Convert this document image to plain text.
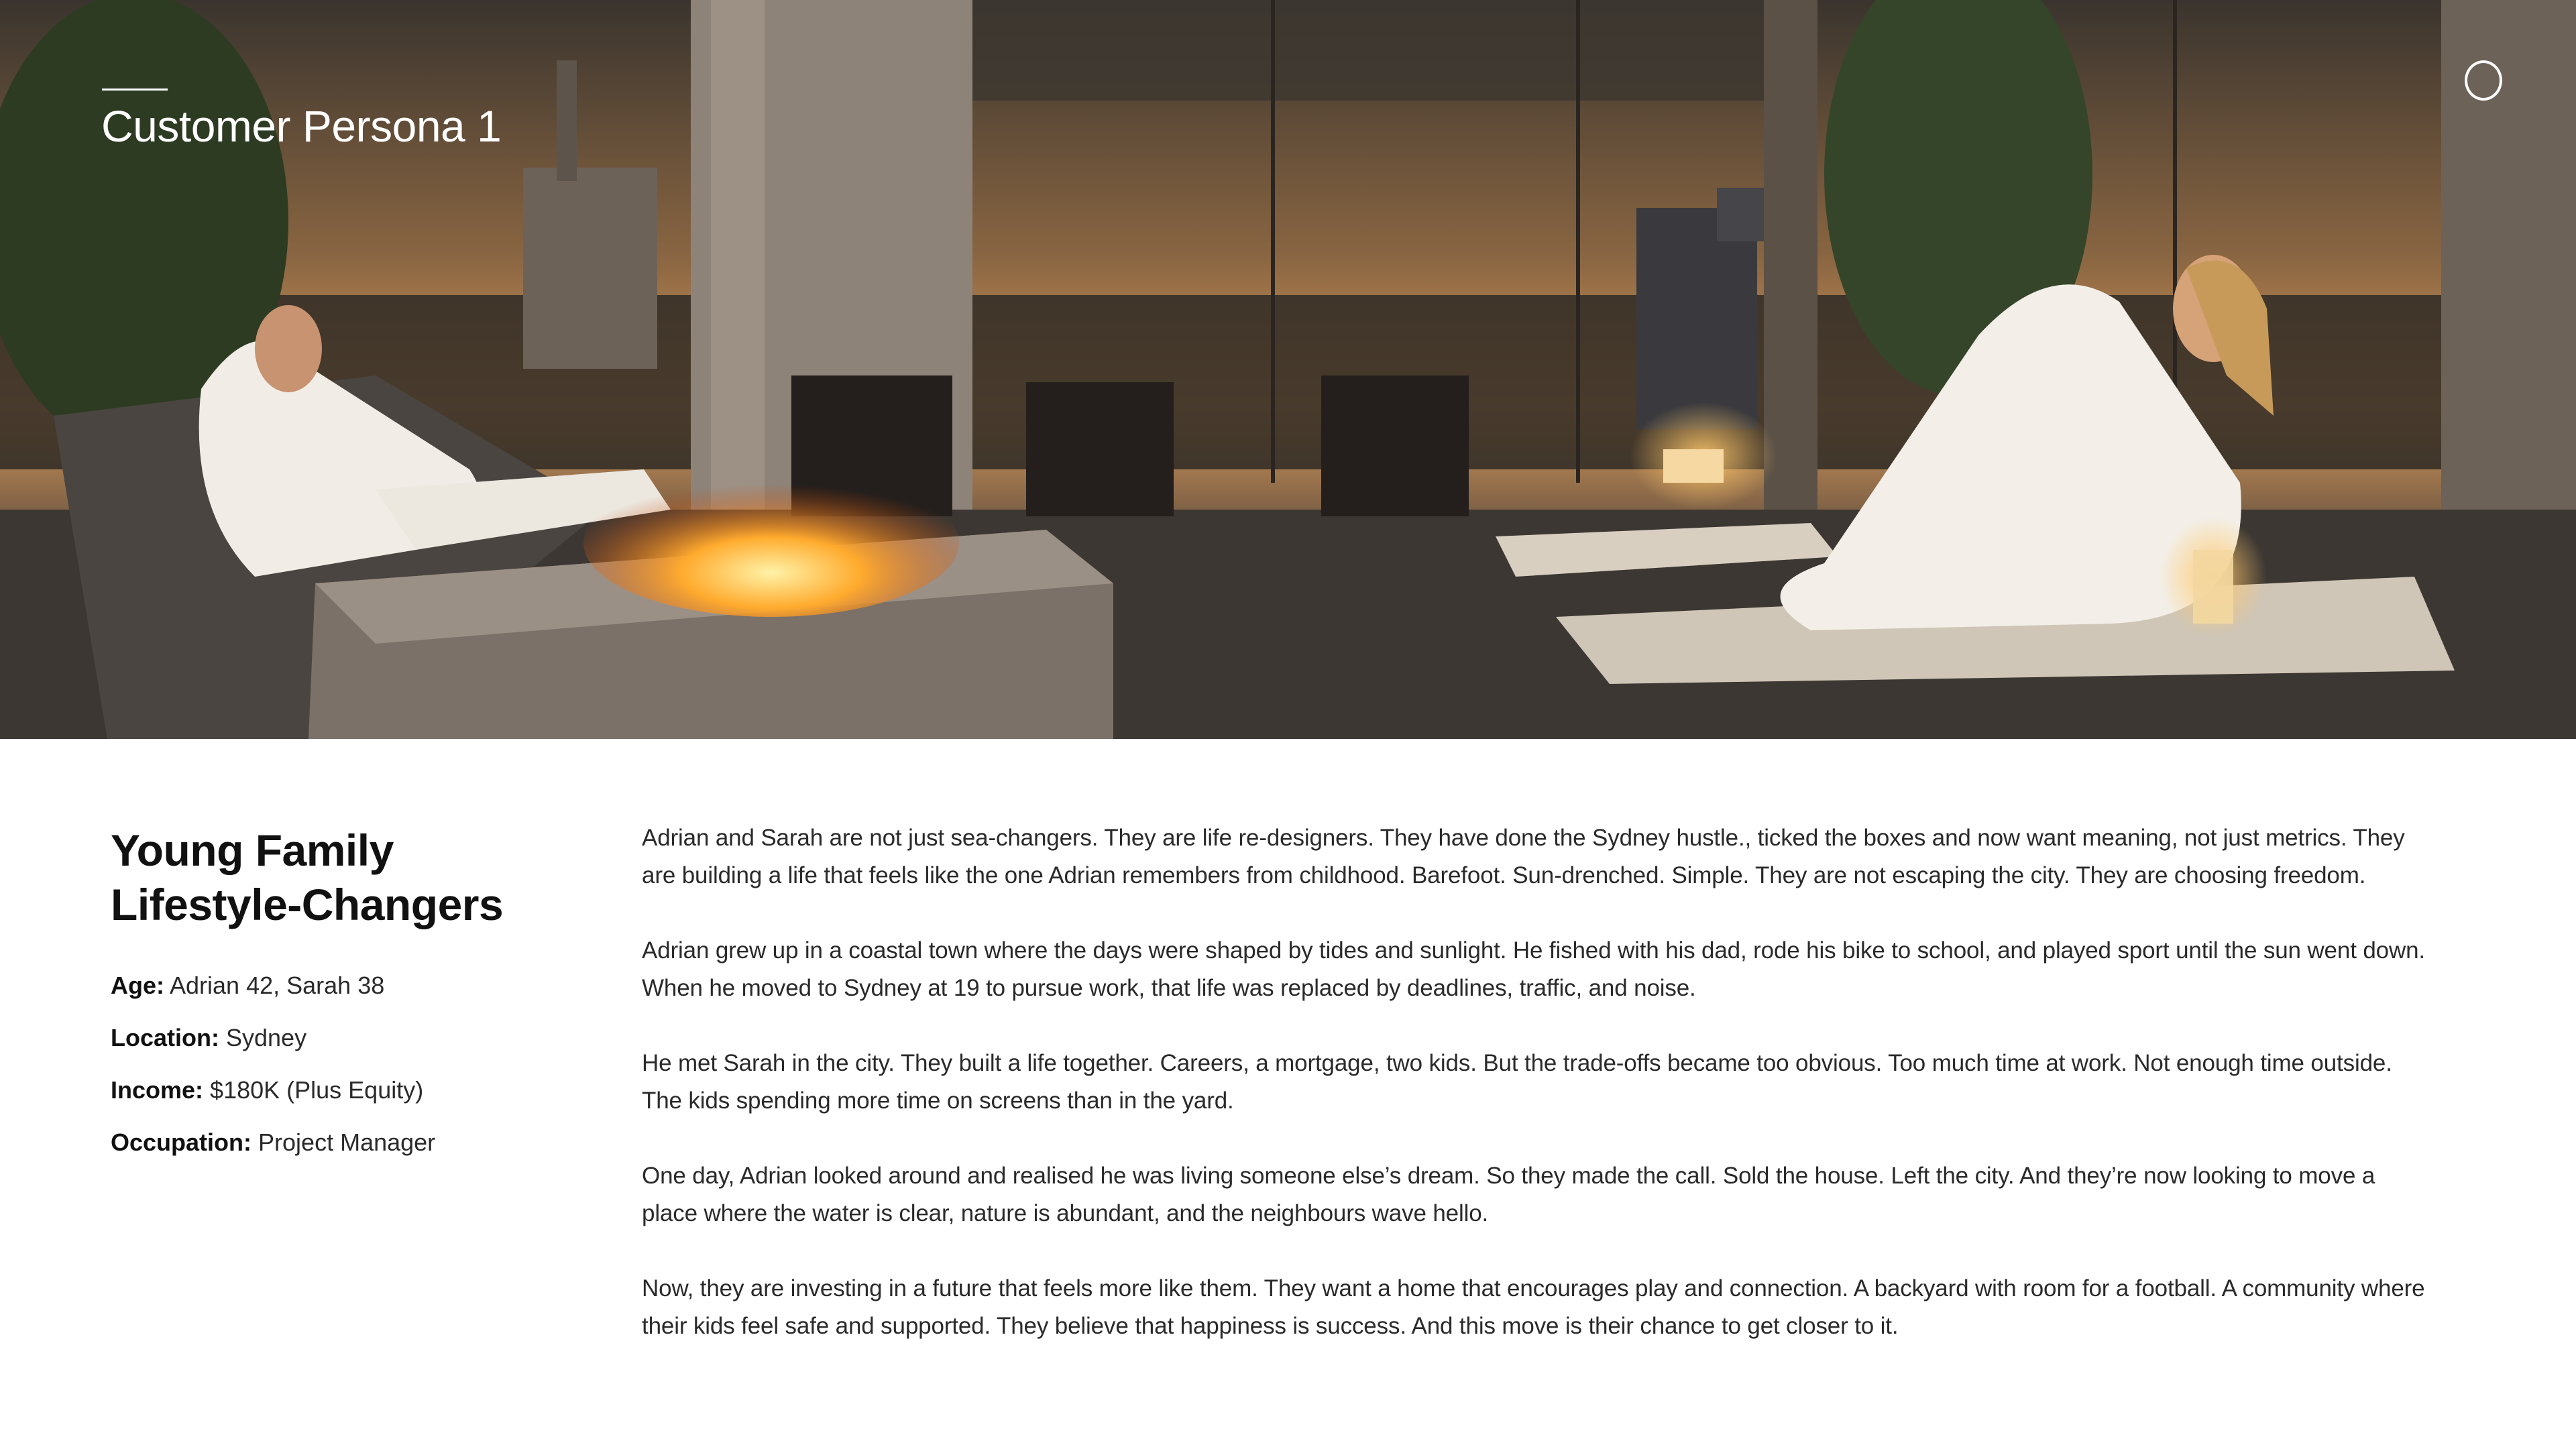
Customer Persona 1
Young Family
Lifestyle-Changers
Age: Adrian 42, Sarah 38
Location: Sydney
Income: $180K (Plus Equity)
Occupation: Project Manager

Adrian and Sarah are not just sea-changers. They are life re-designers. They have done the Sydney hustle., ticked the boxes and now want meaning, not just metrics. They are building a life that feels like the one Adrian remembers from childhood. Barefoot. Sun-drenched. Simple. They are not escaping the city. They are choosing freedom.

Adrian grew up in a coastal town where the days were shaped by tides and sunlight. He fished with his dad, rode his bike to school, and played sport until the sun went down. When he moved to Sydney at 19 to pursue work, that life was replaced by deadlines, traffic, and noise.

He met Sarah in the city. They built a life together. Careers, a mortgage, two kids. But the trade-offs became too obvious. Too much time at work. Not enough time outside. The kids spending more time on screens than in the yard.

One day, Adrian looked around and realised he was living someone else’s dream. So they made the call. Sold the house. Left the city. And they’re now looking to move a place where the water is clear, nature is abundant, and the neighbours wave hello.

Now, they are investing in a future that feels more like them. They want a home that encourages play and connection. A backyard with room for a football. A community where their kids feel safe and supported. They believe that happiness is success. And this move is their chance to get closer to it.
